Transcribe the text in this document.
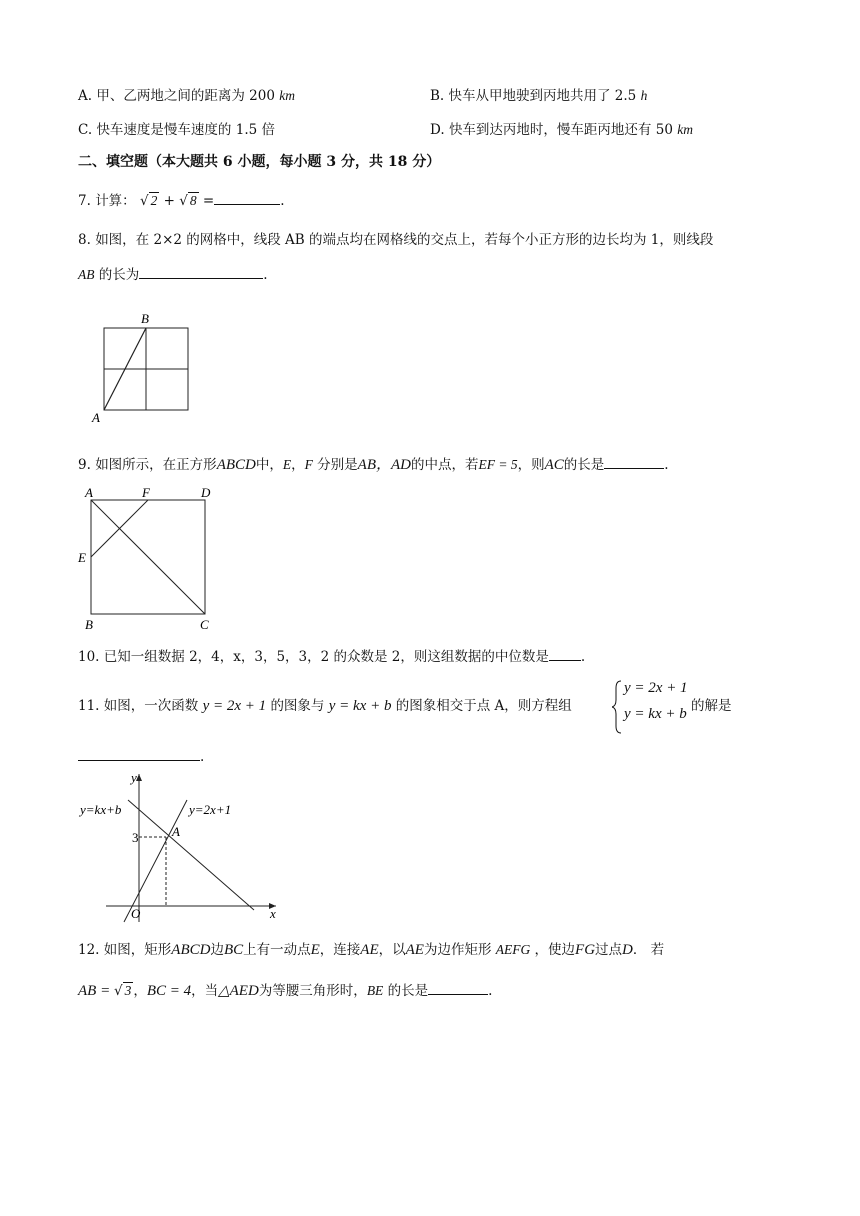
A. 甲、乙两地之间的距离为 200 km	B. 快车从甲地驶到丙地共用了 2.5 h
C. 快车速度是慢车速度的 1.5 倍	D. 快车到达丙地时，慢车距丙地还有 50 km
二、填空题（本大题共 6 小题，每小题 3 分，共 18 分）
7. 计算： √ 2 + √ 8 =	.
8. 如图，在 2×2 的网格中，线段 AB 的端点均在网格线的交点上，若每个小正方形的边长均为 1，则线段
AB 的长为	.
B
A
9. 如图所示，在正方形ABCD中，E，F 分别是AB，AD的中点，若EF = 5，则AC的长是	.
A	F	D
E
B	C
10. 已知一组数据 2，4，x，3，5，3，2 的众数是 2，则这组数据的中位数是 .
11. 如图，一次函数 y = 2x + 1 的图象与 y = kx + b 的图象相交于点 A，则方程组
y = 2x + 1
y = kx + b 的解是
.
y
x
O
3	A
y=kx+b	y=2x+1
12. 如图，矩形ABCD边BC上有一动点E，连接AE，以AE为边作矩形 AEFG ，使边FG过点D． 若
AB = √ 3 ，BC = 4，当△AED为等腰三角形时，BE 的长是	.
